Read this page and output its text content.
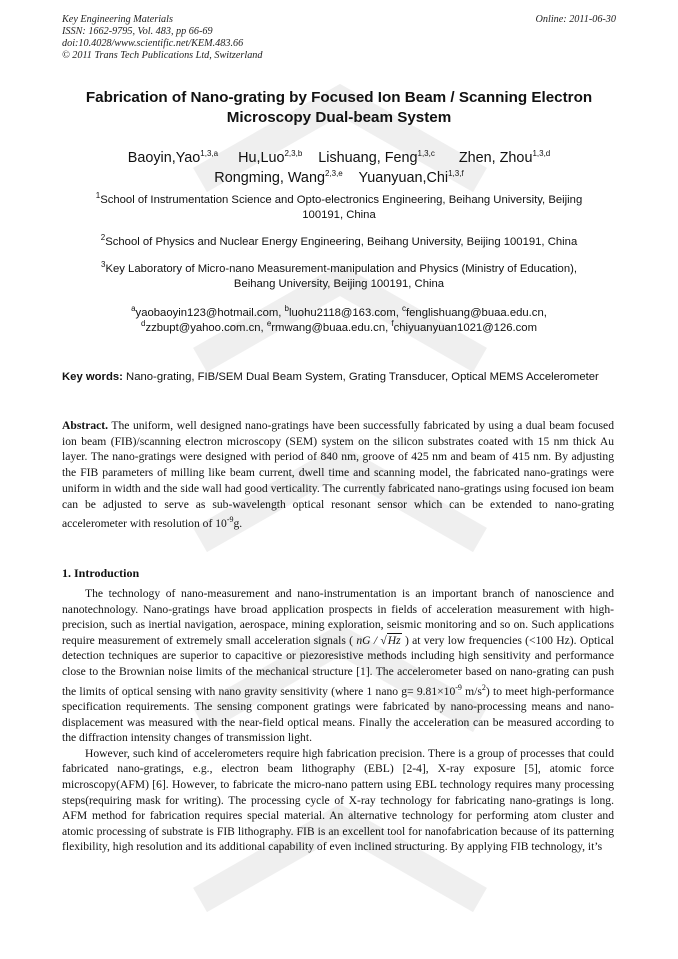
Key Engineering Materials
ISSN: 1662-9795, Vol. 483, pp 66-69
doi:10.4028/www.scientific.net/KEM.483.66
© 2011 Trans Tech Publications Ltd, Switzerland
Online: 2011-06-30
Fabrication of Nano-grating by Focused Ion Beam / Scanning Electron
Microscopy Dual-beam System
Baoyin,Yao$^{1,3,a}$ Hu,Luo$^{2,3,b}$ Lishuang, Feng$^{1,3,c}$ Zhen, Zhou$^{1,3,d}$
Rongming, Wang$^{2,3,e}$ Yuanyuan,Chi$^{1,3,f}$
$^1$School of Instrumentation Science and Opto-electronics Engineering, Beihang University, Beijing
100191, China
$^2$School of Physics and Nuclear Energy Engineering, Beihang University, Beijing 100191, China
$^3$Key Laboratory of Micro-nano Measurement-manipulation and Physics (Ministry of Education),
Beihang University, Beijing 100191, China
$^a$yaobaoyin123@hotmail.com, $^b$luohu2118@163.com, $^c$fenglishuang@buaa.edu.cn,
$^d$zzbupt@yahoo.com.cn, $^e$rmwang@buaa.edu.cn, $^f$chiyuanyuan1021@126.com
Key words: Nano-grating, FIB/SEM Dual Beam System, Grating Transducer, Optical MEMS Accelerometer
Abstract. The uniform, well designed nano-gratings have been successfully fabricated by using a dual beam focused ion beam (FIB)/scanning electron microscopy (SEM) system on the silicon substrates coated with 15 nm thick Au layer. The nano-gratings were designed with period of 840 nm, groove of 425 nm and beam of 415 nm. By adjusting the FIB parameters of milling like beam current, dwell time and scanning model, the fabricated nano-gratings were uniform in width and the side wall had good verticality. The currently fabricated nano-gratings using focused ion beam can be adjusted to serve as sub-wavelength optical resonant sensor which can be extended to nano-grating accelerometer with resolution of $10^{-9}g$.
1. Introduction

The technology of nano-measurement and nano-instrumentation is an important branch of nanoscience and nanotechnology. Nano-gratings have broad application prospects in fields of acceleration measurement with high-precision, such as inertial navigation, aerospace, mining exploration, seismic monitoring and so on. Such applications require measurement of extremely small acceleration signals ( nG / √Hz ) at very low frequencies (<100 Hz). Optical detection techniques are superior to capacitive or piezoresistive methods including high sensitivity and performance close to the Brownian noise limits of the mechanical structure [1]. The accelerometer based on nano-grating can push the limits of optical sensing with nano gravity sensitivity (where 1 nano $g= 9.81\times 10^{-9}$ $m/s^2$) to meet high-performance specification requirements. The sensing component gratings were fabricated by nano-processing means and nano-displacement was measured with the near-field optical means. Finally the acceleration can be measured according to the diffraction intensity changes of transmission light.

However, such kind of accelerometers require high fabrication precision. There is a group of processes that could fabricated nano-gratings, e.g., electron beam lithography (EBL) [2-4], X-ray exposure [5], atomic force microscopy(AFM) [6]. However, to fabricate the micro-nano pattern using EBL technology requires many processing steps(requiring mask for writing). The processing cycle of X-ray technology for fabricating nano-gratings is long. AFM method for fabrication requires special material. An alternative technology for performing atom cluster and atomic processing of substrate is FIB lithography. FIB is an excellent tool for nanofabrication because of its patterning flexibility, high resolution and its additional capability of even inclined structuring. By applying FIB technology, it’s
